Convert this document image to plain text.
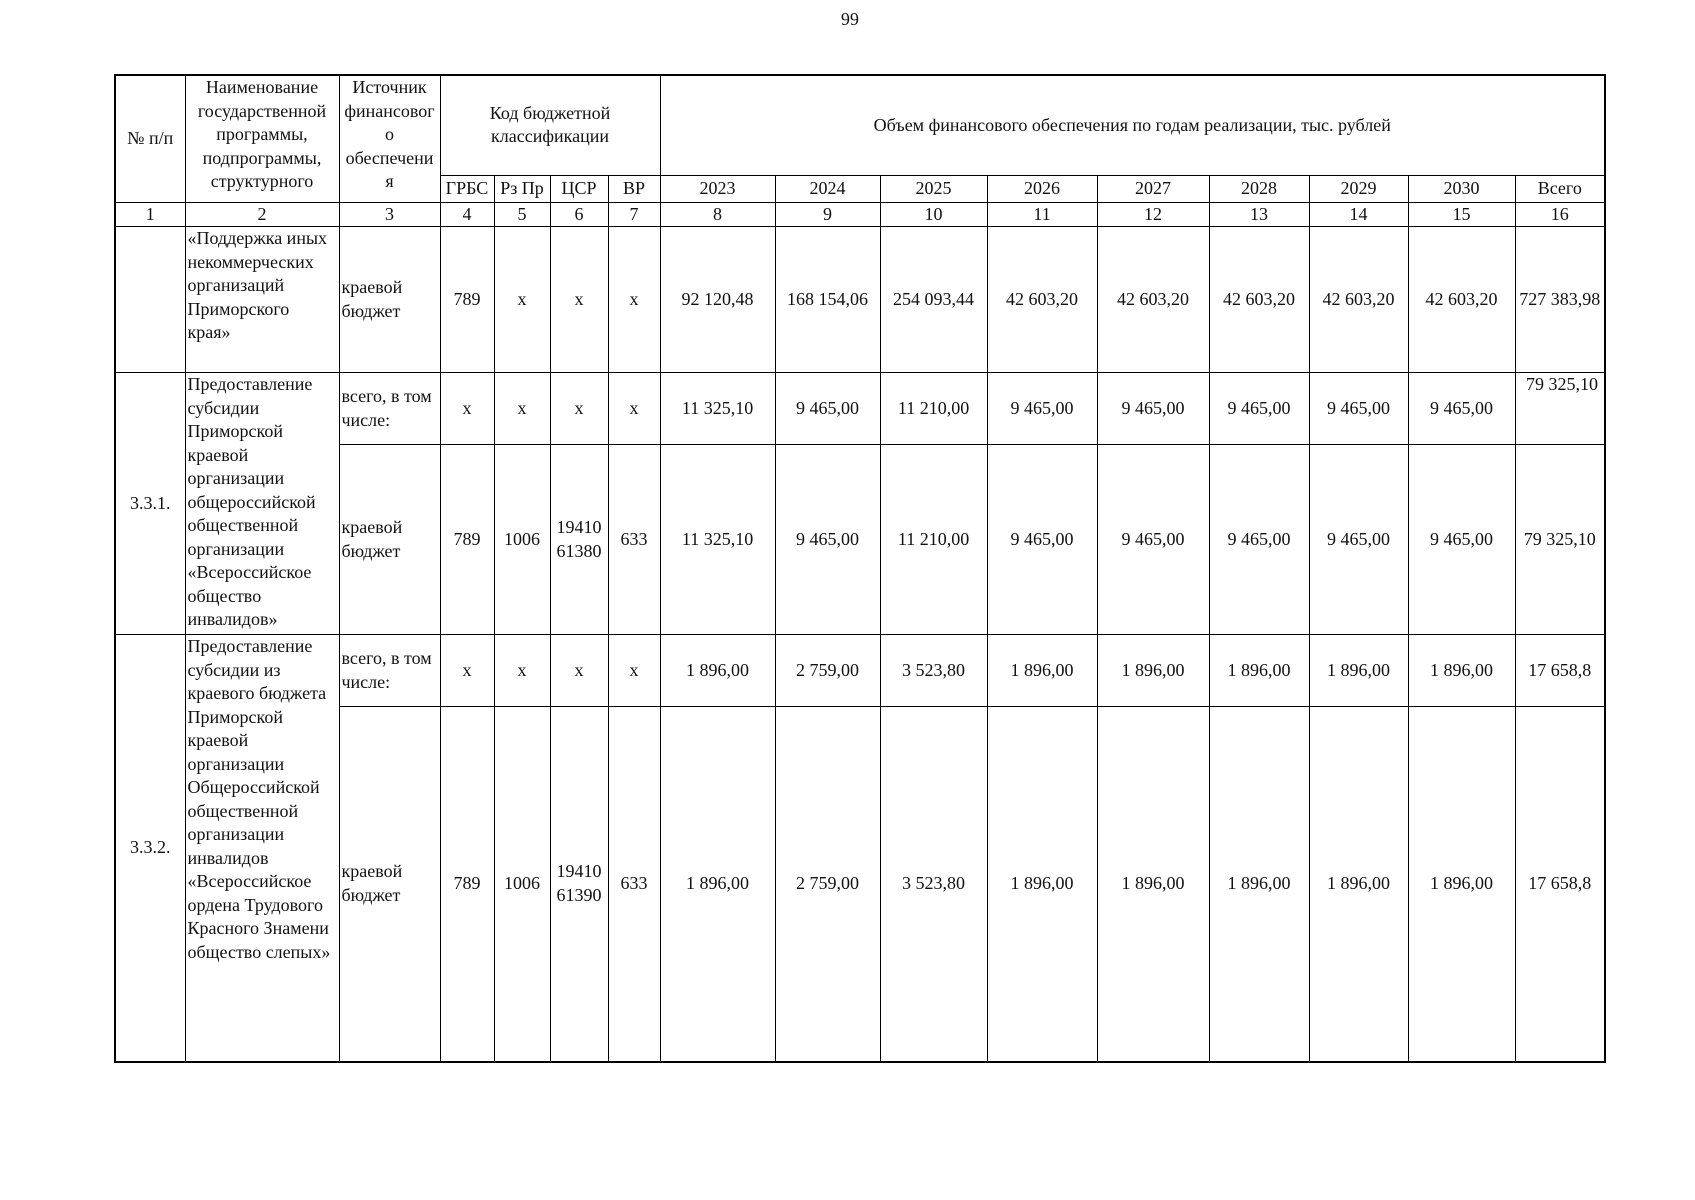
66
№ п/п	Наименование государственной программы, подпрограммы, структурного	Источник финансового обеспечения	Код бюджетной классификации				Объем финансового обеспечения по годам реализации, тыс. рублей								
			ГРБС	Рз Пр	ЦСР	ВР	2023	2024	2025	2026	2027	2028	2029	2030	Всего
1	2	3	4	5	6	7	8	9	10	11	12	13	14	15	16
	«Поддержка иных некоммерческих организаций Приморского края»	краевой бюджет	789	х	х	х	92 120,48	168 154,06	254 093,44	42 603,20	42 603,20	42 603,20	42 603,20	42 603,20	727 383,98
3.3.1.	Предоставление субсидии Приморской краевой организации общероссийской общественной организации «Всероссийское общество инвалидов»	всего, в том числе:	х	х	х	х	11 325,10	9 465,00	11 210,00	9 465,00	9 465,00	9 465,00	9 465,00	9 465,00	79 325,10
		краевой бюджет	789	1006	19410 61380	633	11 325,10	9 465,00	11 210,00	9 465,00	9 465,00	9 465,00	9 465,00	9 465,00	79 325,10
3.3.2.	Предоставление субсидии из краевого бюджета Приморской краевой организации Общероссийской общественной организации инвалидов «Всероссийское ордена Трудового Красного Знамени общество слепых»	всего, в том числе:	х	х	х	х	1 896,00	2 759,00	3 523,80	1 896,00	1 896,00	1 896,00	1 896,00	1 896,00	17 658,8
		краевой бюджет	789	1006	19410 61390	633	1 896,00	2 759,00	3 523,80	1 896,00	1 896,00	1 896,00	1 896,00	1 896,00	17 658,8
